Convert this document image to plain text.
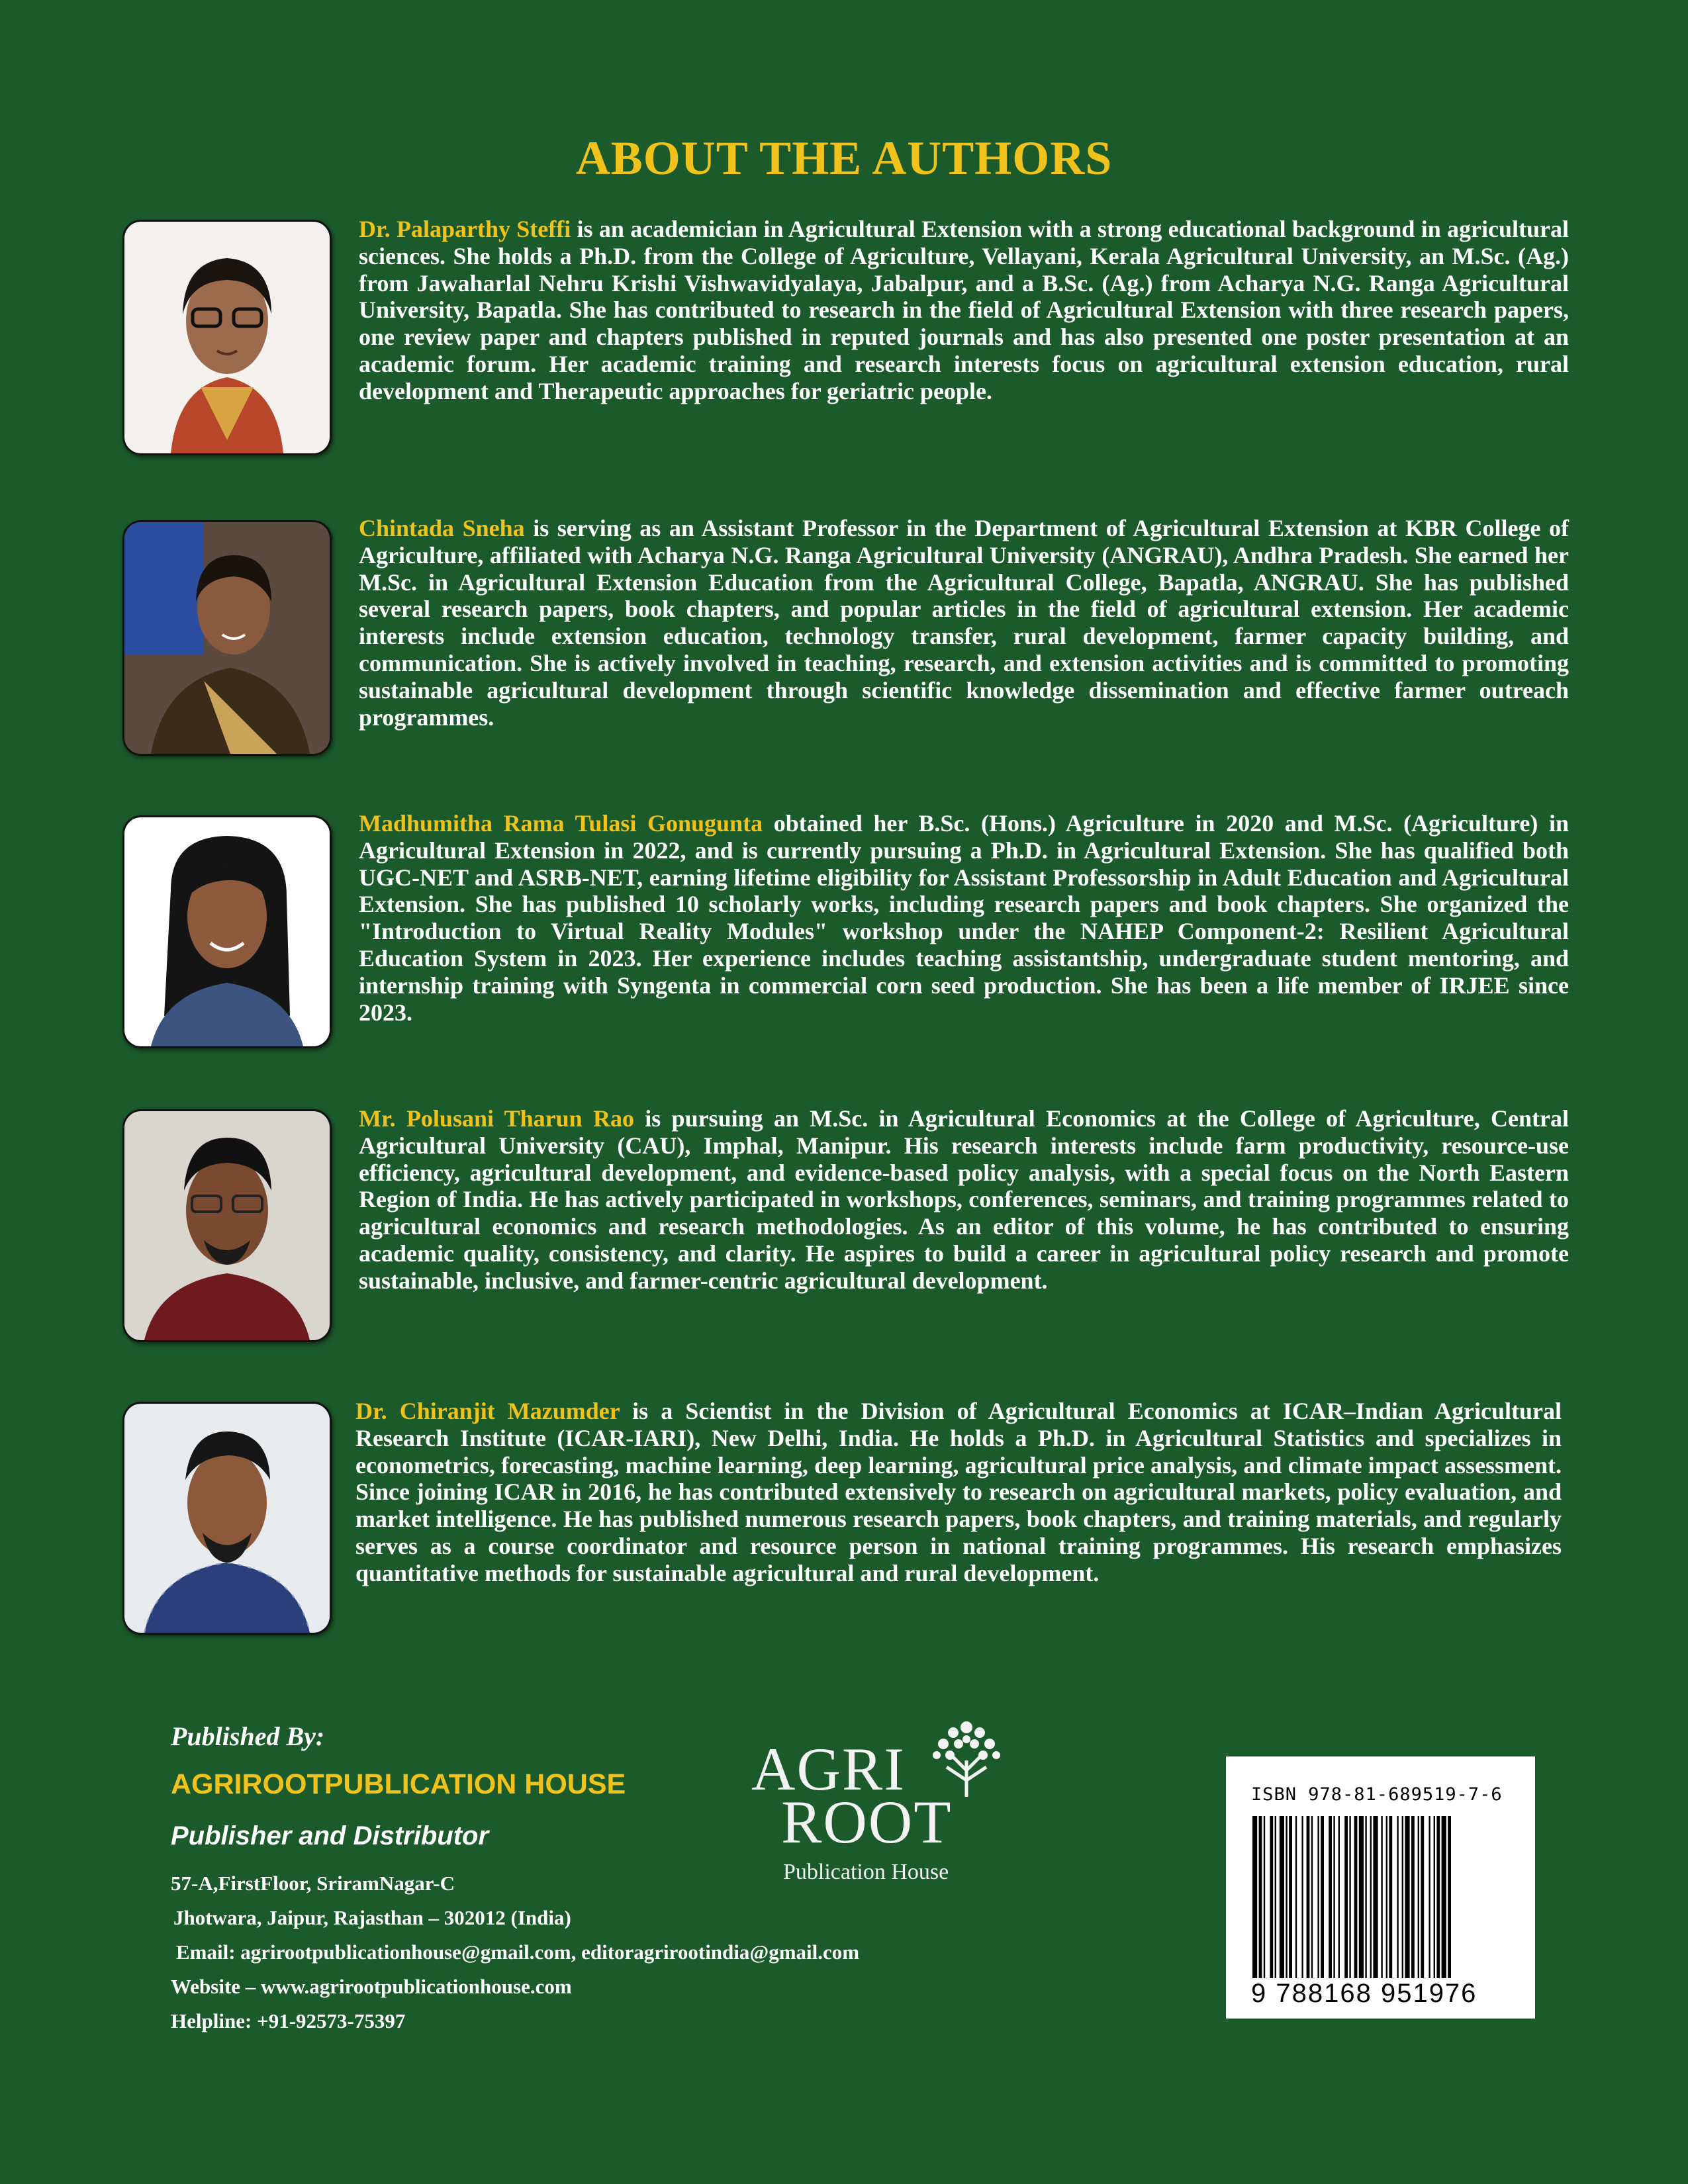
ABOUT THE AUTHORS

Dr. Palaparthy Steffi is an academician in Agricultural Extension with a strong educational background in agricultural sciences. She holds a Ph.D. from the College of Agriculture, Vellayani, Kerala Agricultural University, an M.Sc. (Ag.) from Jawaharlal Nehru Krishi Vishwavidyalaya, Jabalpur, and a B.Sc. (Ag.) from Acharya N.G. Ranga Agricultural University, Bapatla. She has contributed to research in the field of Agricultural Extension with three research papers, one review paper and chapters published in reputed journals and has also presented one poster presentation at an academic forum. Her academic training and research interests focus on agricultural extension education, rural development and Therapeutic approaches for geriatric people.

Chintada Sneha is serving as an Assistant Professor in the Department of Agricultural Extension at KBR College of Agriculture, affiliated with Acharya N.G. Ranga Agricultural University (ANGRAU), Andhra Pradesh. She earned her M.Sc. in Agricultural Extension Education from the Agricultural College, Bapatla, ANGRAU. She has published several research papers, book chapters, and popular articles in the field of agricultural extension. Her academic interests include extension education, technology transfer, rural development, farmer capacity building, and communication. She is actively involved in teaching, research, and extension activities and is committed to promoting sustainable agricultural development through scientific knowledge dissemination and effective farmer outreach programmes.

Madhumitha Rama Tulasi Gonugunta obtained her B.Sc. (Hons.) Agriculture in 2020 and M.Sc. (Agriculture) in Agricultural Extension in 2022, and is currently pursuing a Ph.D. in Agricultural Extension. She has qualified both UGC-NET and ASRB-NET, earning lifetime eligibility for Assistant Professorship in Adult Education and Agricultural Extension. She has published 10 scholarly works, including research papers and book chapters. She organized the "Introduction to Virtual Reality Modules" workshop under the NAHEP Component-2: Resilient Agricultural Education System in 2023. Her experience includes teaching assistantship, undergraduate student mentoring, and internship training with Syngenta in commercial corn seed production. She has been a life member of IRJEE since 2023.

Mr. Polusani Tharun Rao is pursuing an M.Sc. in Agricultural Economics at the College of Agriculture, Central Agricultural University (CAU), Imphal, Manipur. His research interests include farm productivity, resource-use efficiency, agricultural development, and evidence-based policy analysis, with a special focus on the North Eastern Region of India. He has actively participated in workshops, conferences, seminars, and training programmes related to agricultural economics and research methodologies. As an editor of this volume, he has contributed to ensuring academic quality, consistency, and clarity. He aspires to build a career in agricultural policy research and promote sustainable, inclusive, and farmer-centric agricultural development.

Dr. Chiranjit Mazumder is a Scientist in the Division of Agricultural Economics at ICAR–Indian Agricultural Research Institute (ICAR-IARI), New Delhi, India. He holds a Ph.D. in Agricultural Statistics and specializes in econometrics, forecasting, machine learning, deep learning, agricultural price analysis, and climate impact assessment. Since joining ICAR in 2016, he has contributed extensively to research on agricultural markets, policy evaluation, and market intelligence. He has published numerous research papers, book chapters, and training materials, and regularly serves as a course coordinator and resource person in national training programmes. His research emphasizes quantitative methods for sustainable agricultural and rural development.

Published By:
AGRIROOTPUBLICATION HOUSE
Publisher and Distributor
57-A,FirstFloor, SriramNagar-C
Jhotwara, Jaipur, Rajasthan – 302012 (India)
Email: agrirootpublicationhouse@gmail.com, editoragrirootindia@gmail.com
Website – www.agrirootpublicationhouse.com
Helpline: +91-92573-75397
AGRI
ROOT
Publication House
ISBN 978-81-689519-7-6
9 788168 951976
